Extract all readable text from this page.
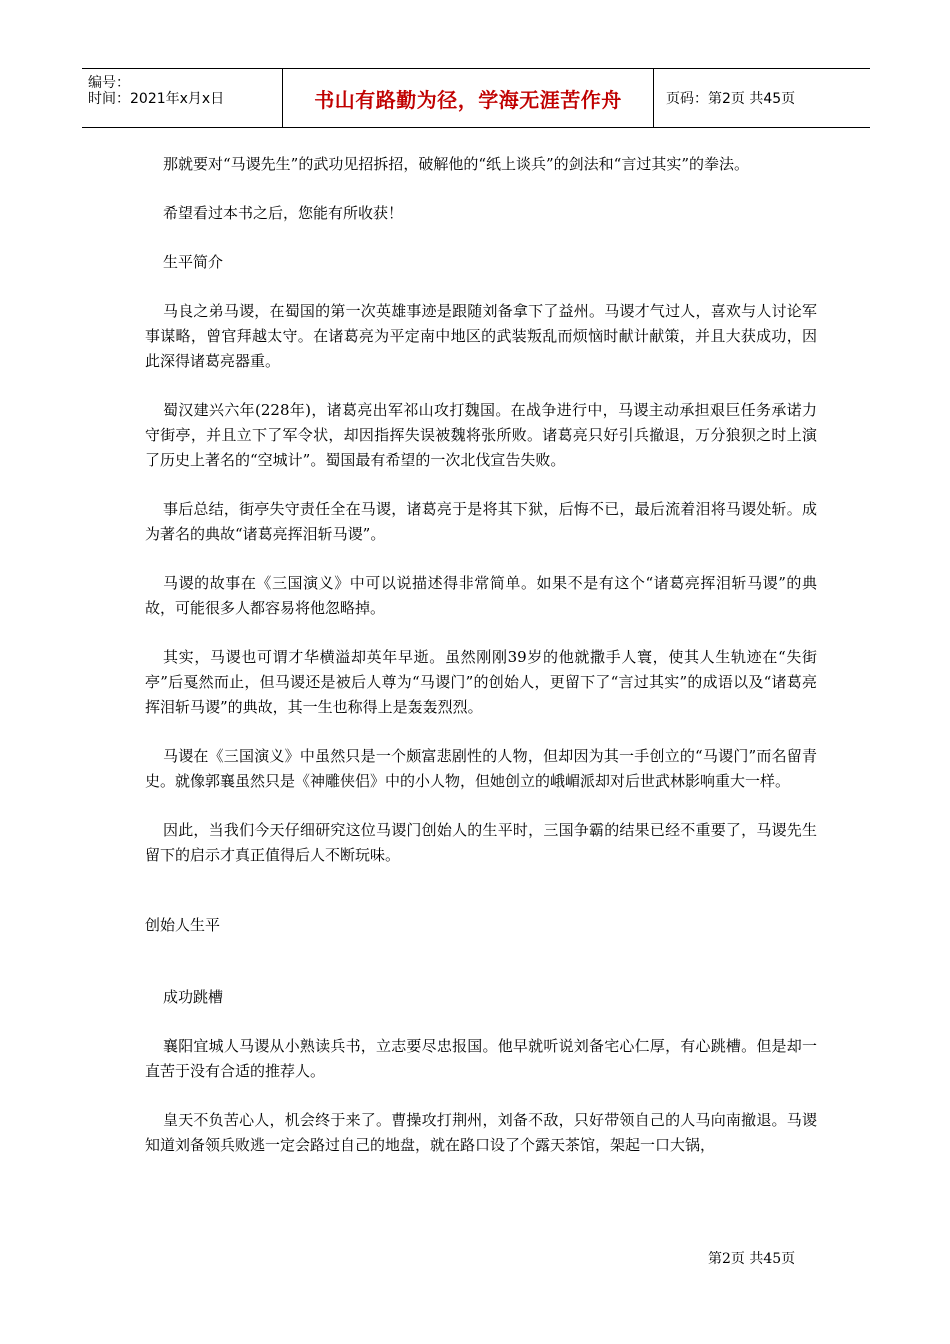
编号：
时间：2021年x月x日	书山有路勤为径，学海无涯苦作舟	页码：第2页 共45页

那就要对“马谡先生”的武功见招拆招，破解他的“纸上谈兵”的剑法和“言过其实”的拳法。

希望看过本书之后，您能有所收获！

生平简介

马良之弟马谡，在蜀国的第一次英雄事迹是跟随刘备拿下了益州。马谡才气过人，喜欢与人讨论军事谋略，曾官拜越太守。在诸葛亮为平定南中地区的武装叛乱而烦恼时献计献策，并且大获成功，因此深得诸葛亮器重。

蜀汉建兴六年(228年)，诸葛亮出军祁山攻打魏国。在战争进行中，马谡主动承担艰巨任务承诺力守街亭，并且立下了军令状，却因指挥失误被魏将张所败。诸葛亮只好引兵撤退，万分狼狈之时上演了历史上著名的“空城计”。蜀国最有希望的一次北伐宣告失败。

事后总结，街亭失守责任全在马谡，诸葛亮于是将其下狱，后悔不已，最后流着泪将马谡处斩。成为著名的典故“诸葛亮挥泪斩马谡”。

马谡的故事在《三国演义》中可以说描述得非常简单。如果不是有这个“诸葛亮挥泪斩马谡”的典故，可能很多人都容易将他忽略掉。

其实，马谡也可谓才华横溢却英年早逝。虽然刚刚39岁的他就撒手人寰，使其人生轨迹在“失街亭”后戛然而止，但马谡还是被后人尊为“马谡门”的创始人，更留下了“言过其实”的成语以及“诸葛亮挥泪斩马谡”的典故，其一生也称得上是轰轰烈烈。

马谡在《三国演义》中虽然只是一个颇富悲剧性的人物，但却因为其一手创立的“马谡门”而名留青史。就像郭襄虽然只是《神雕侠侣》中的小人物，但她创立的峨嵋派却对后世武林影响重大一样。

因此，当我们今天仔细研究这位马谡门创始人的生平时，三国争霸的结果已经不重要了，马谡先生留下的启示才真正值得后人不断玩味。

创始人生平

成功跳槽

襄阳宜城人马谡从小熟读兵书，立志要尽忠报国。他早就听说刘备宅心仁厚，有心跳槽。但是却一直苦于没有合适的推荐人。

皇天不负苦心人，机会终于来了。曹操攻打荆州，刘备不敌，只好带领自己的人马向南撤退。马谡知道刘备领兵败逃一定会路过自己的地盘，就在路口设了个露天茶馆，架起一口大锅，

第2页 共45页
